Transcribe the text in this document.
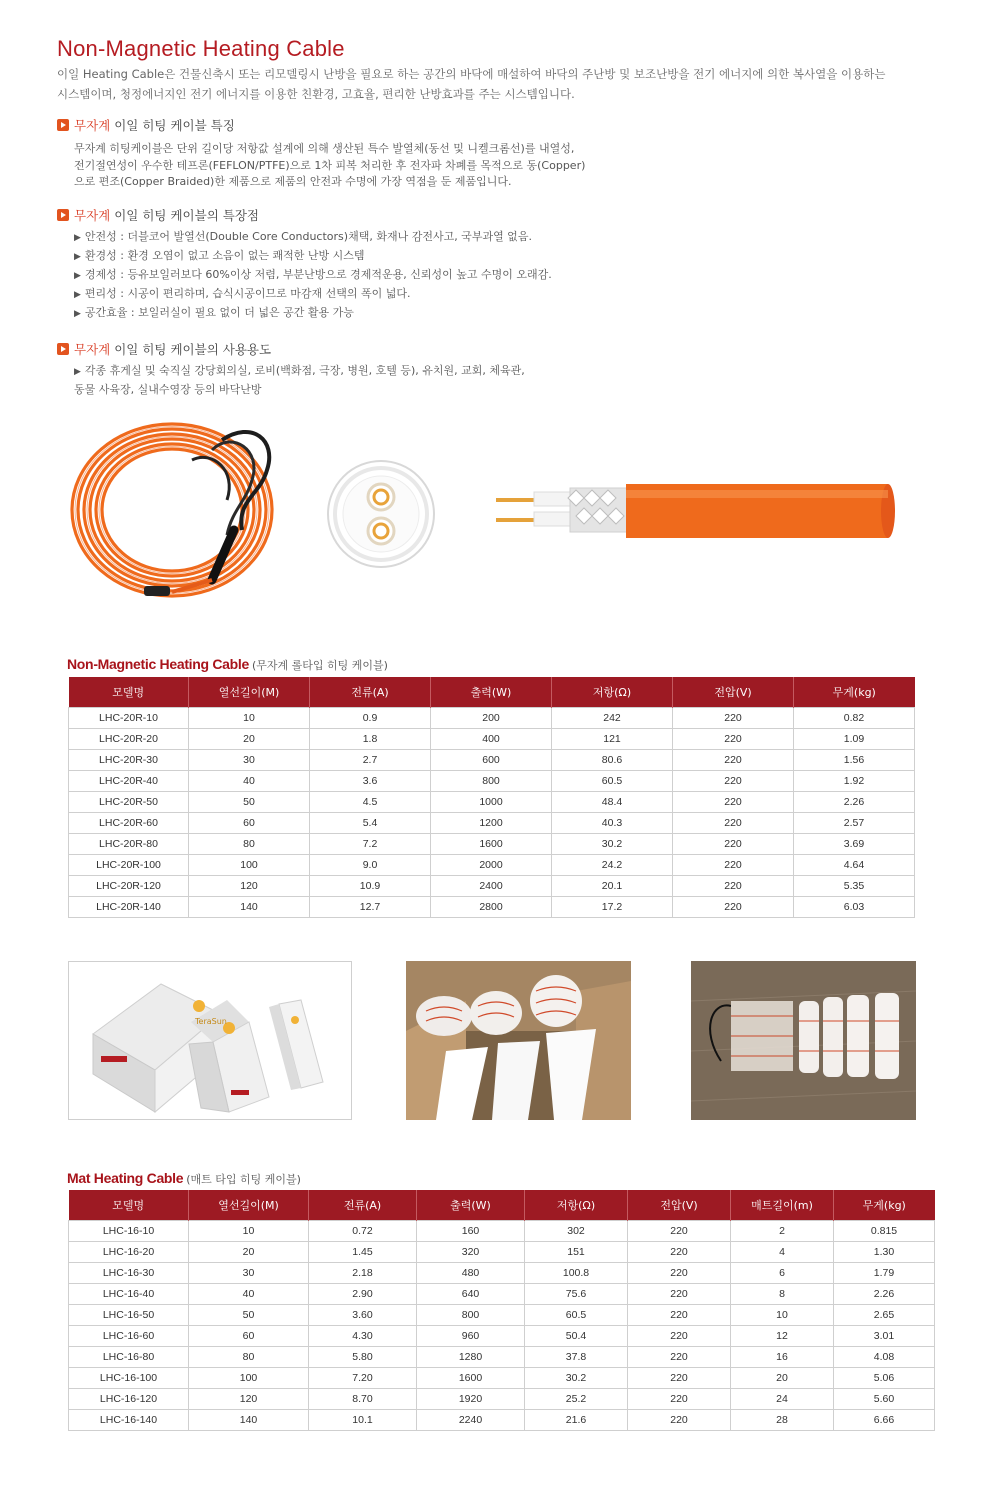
Non-Magnetic Heating Cable
이일 Heating Cable은 건물신축시 또는 리모델링시 난방을 필요로 하는 공간의 바닥에 매설하여 바닥의 주난방 및 보조난방을 전기 에너지에 의한 복사열을 이용하는
시스템이며, 청정에너지인 전기 에너지를 이용한 친환경, 고효율, 편리한 난방효과를 주는 시스템입니다.
무자계 이일 히팅 케이블 특징
무자계 히팅케이블은 단위 길이당 저항값 설계에 의해 생산된 특수 발열체(동선 및 니켈크롬선)를 내열성,
전기절연성이 우수한 테프론(FEFLON/PTFE)으로 1차 피복 처리한 후 전자파 차폐를 목적으로 동(Copper)
으로 편조(Copper Braided)한 제품으로 제품의 안전과 수명에 가장 역점을 둔 제품입니다.
무자계 이일 히팅 케이블의 특장점
▶ 안전성 : 더블코어 발열선(Double Core Conductors)채택, 화재나 감전사고, 국부과열 없음.
▶ 환경성 : 환경 오염이 없고 소음이 없는 쾌적한 난방 시스템
▶ 경제성 : 등유보일러보다 60%이상 저렴, 부분난방으로 경제적운용, 신뢰성이 높고 수명이 오래감.
▶ 편리성 : 시공이 편리하며, 습식시공이므로 마감재 선택의 폭이 넓다.
▶ 공간효율 : 보일러실이 필요 없이 더 넓은 공간 활용 가능
무자계 이일 히팅 케이블의 사용용도
▶ 각종 휴게실 및 숙직실 강당회의실, 로비(백화점, 극장, 병원, 호텔 등), 유치원, 교회, 체육관,
동물 사육장, 실내수영장 등의 바닥난방
Non-Magnetic Heating Cable (무자계 롤타입 히팅 케이블)
모델명	열선길이(M)	전류(A)	출력(W)	저항(Ω)	전압(V)	무게(kg)
LHC-20R-10	10	0.9	200	242	220	0.82
LHC-20R-20	20	1.8	400	121	220	1.09
LHC-20R-30	30	2.7	600	80.6	220	1.56
LHC-20R-40	40	3.6	800	60.5	220	1.92
LHC-20R-50	50	4.5	1000	48.4	220	2.26
LHC-20R-60	60	5.4	1200	40.3	220	2.57
LHC-20R-80	80	7.2	1600	30.2	220	3.69
LHC-20R-100	100	9.0	2000	24.2	220	4.64
LHC-20R-120	120	10.9	2400	20.1	220	5.35
LHC-20R-140	140	12.7	2800	17.2	220	6.03
TeraSun
Mat Heating Cable (매트 타입 히팅 케이블)
모델명	열선길이(M)	전류(A)	출력(W)	저항(Ω)	전압(V)	매트길이(m)	무게(kg)
LHC-16-10	10	0.72	160	302	220	2	0.815
LHC-16-20	20	1.45	320	151	220	4	1.30
LHC-16-30	30	2.18	480	100.8	220	6	1.79
LHC-16-40	40	2.90	640	75.6	220	8	2.26
LHC-16-50	50	3.60	800	60.5	220	10	2.65
LHC-16-60	60	4.30	960	50.4	220	12	3.01
LHC-16-80	80	5.80	1280	37.8	220	16	4.08
LHC-16-100	100	7.20	1600	30.2	220	20	5.06
LHC-16-120	120	8.70	1920	25.2	220	24	5.60
LHC-16-140	140	10.1	2240	21.6	220	28	6.66
